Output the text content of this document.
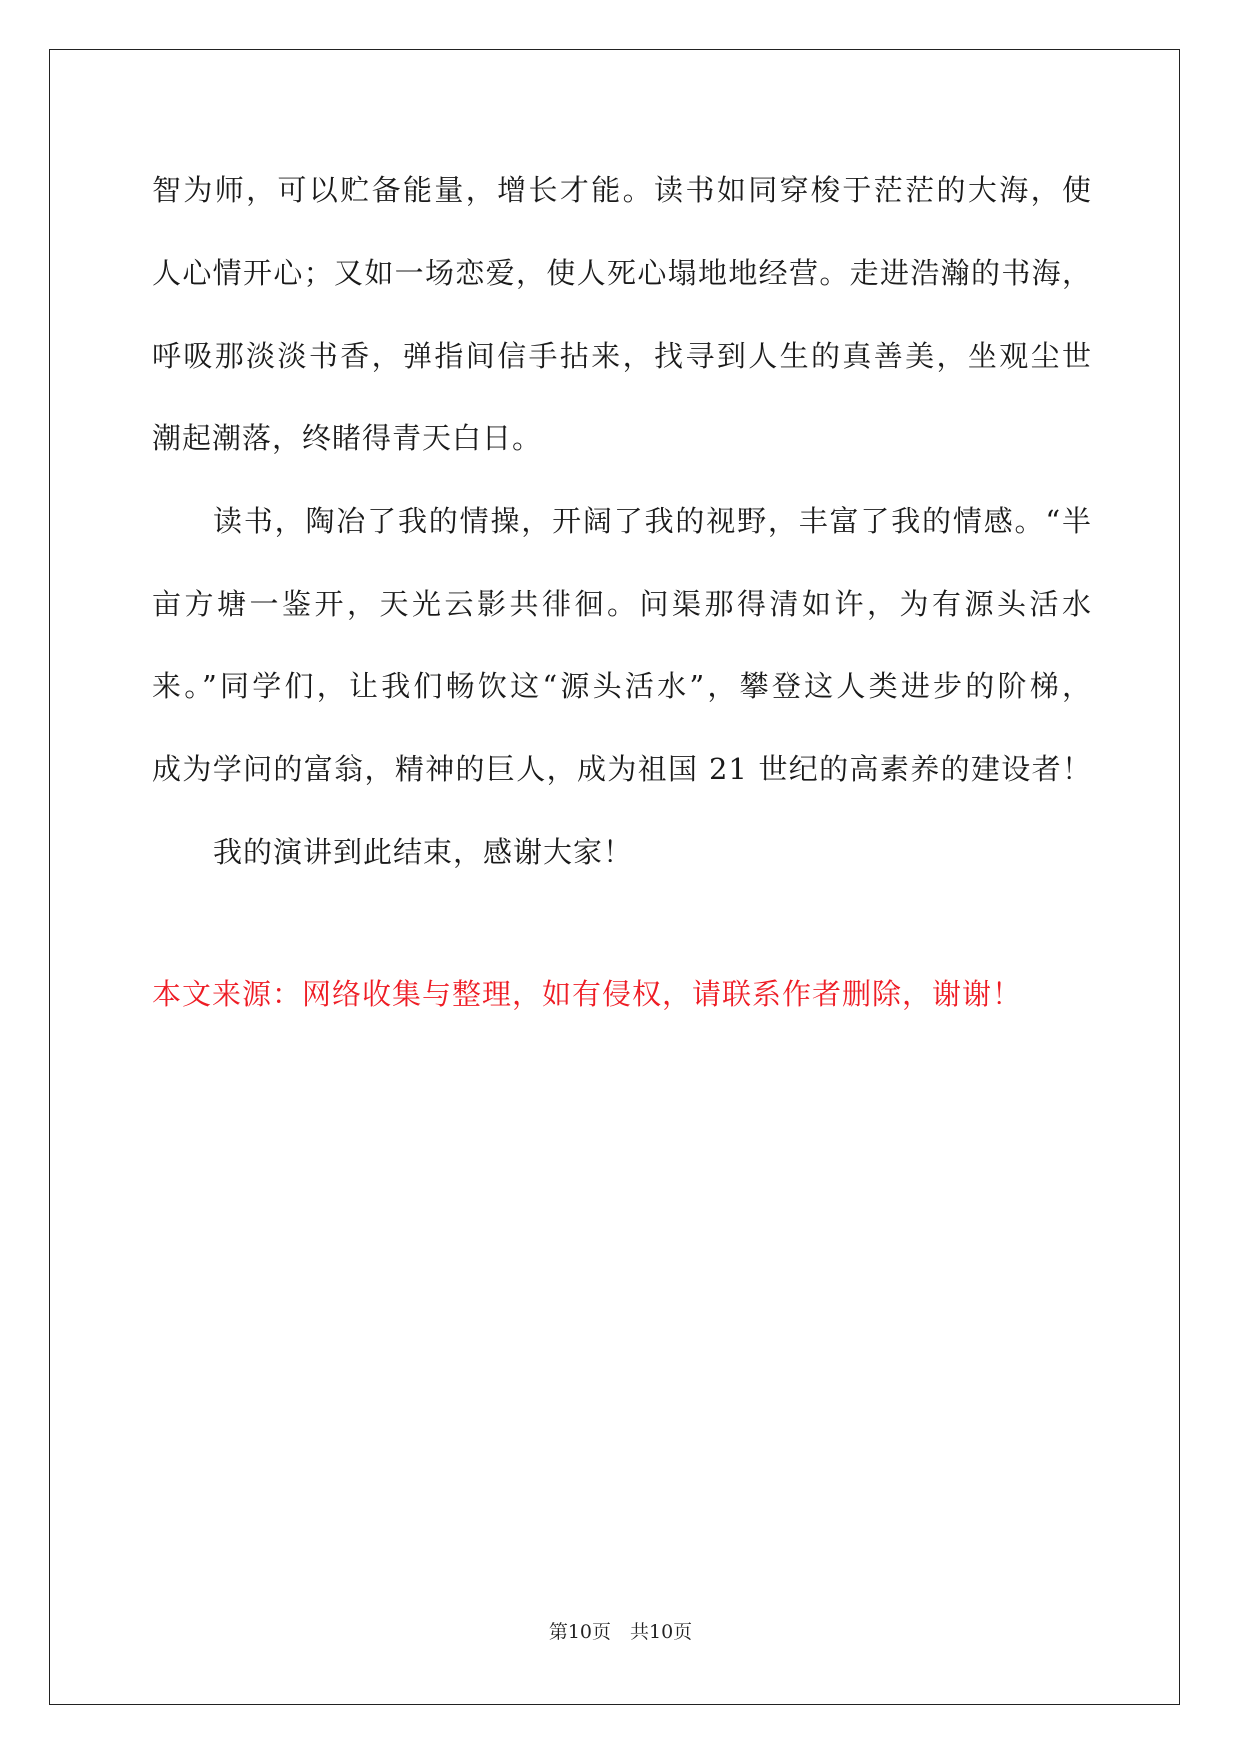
智为师，可以贮备能量，增长才能。读书如同穿梭于茫茫的大海，使
人心情开心；又如一场恋爱，使人死心塌地地经营。走进浩瀚的书海，
呼吸那淡淡书香，弹指间信手拈来，找寻到人生的真善美，坐观尘世
潮起潮落，终睹得青天白日。
读书，陶冶了我的情操，开阔了我的视野，丰富了我的情感。“半
亩方塘一鉴开，天光云影共徘徊。问渠那得清如许，为有源头活水
来。”同学们，让我们畅饮这“源头活水”，攀登这人类进步的阶梯，
成为学问的富翁，精神的巨人，成为祖国 21 世纪的高素养的建设者！
我的演讲到此结束，感谢大家！
本文来源：网络收集与整理，如有侵权，请联系作者删除，谢谢！
第10页　共10页
